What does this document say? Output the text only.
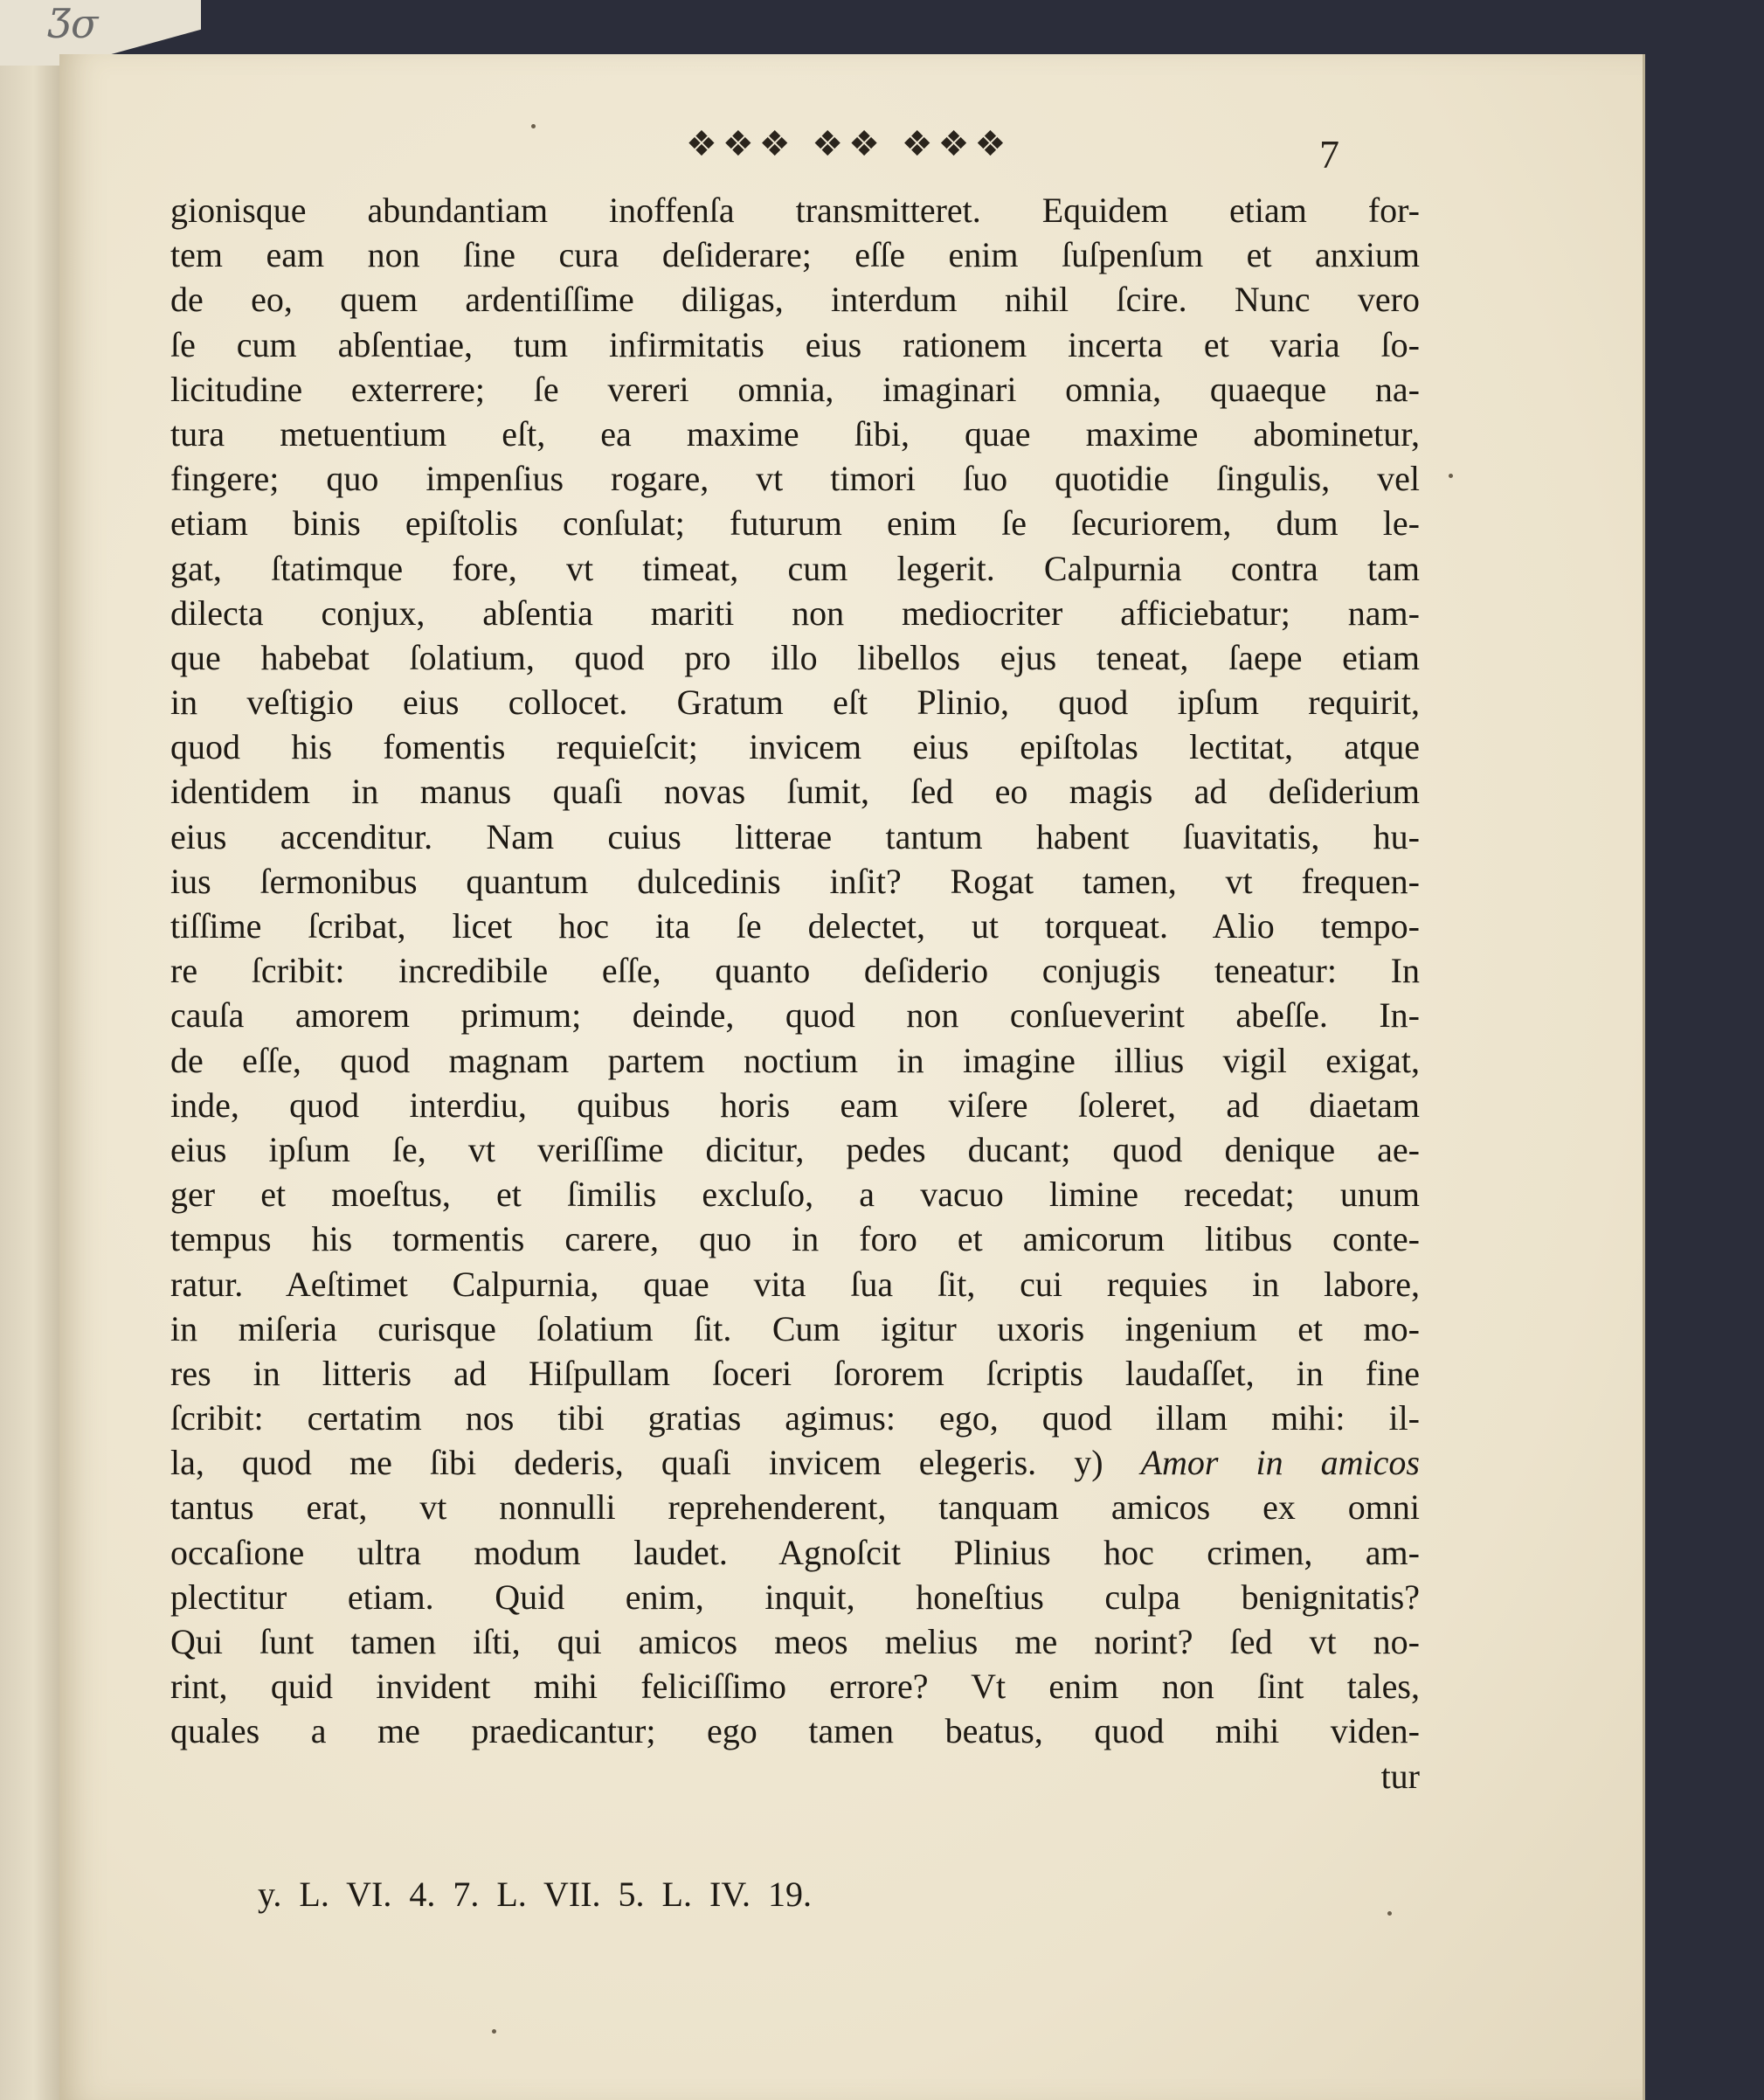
Ʒσ
❖❖❖ ❖❖ ❖❖❖	7
gionisque abundantiam inoffenſa transmitteret. Equidem etiam for-
tem eam non ſine cura deſiderare; eſſe enim ſuſpenſum et anxium
de eo, quem ardentiſſime diligas, interdum nihil ſcire. Nunc vero
ſe cum abſentiae, tum infirmitatis eius rationem incerta et varia ſo-
licitudine exterrere; ſe vereri omnia, imaginari omnia, quaeque na-
tura metuentium eſt, ea maxime ſibi, quae maxime abominetur,
fingere; quo impenſius rogare, vt timori ſuo quotidie ſingulis, vel
etiam binis epiſtolis conſulat; futurum enim ſe ſecuriorem, dum le-
gat, ſtatimque fore, vt timeat, cum legerit. Calpurnia contra tam
dilecta conjux, abſentia mariti non mediocriter afficiebatur; nam-
que habebat ſolatium, quod pro illo libellos ejus teneat, ſaepe etiam
in veſtigio eius collocet. Gratum eſt Plinio, quod ipſum requirit,
quod his fomentis requieſcit; invicem eius epiſtolas lectitat, atque
identidem in manus quaſi novas ſumit, ſed eo magis ad deſiderium
eius accenditur. Nam cuius litterae tantum habent ſuavitatis, hu-
ius ſermonibus quantum dulcedinis inſit? Rogat tamen, vt frequen-
tiſſime ſcribat, licet hoc ita ſe delectet, ut torqueat. Alio tempo-
re ſcribit: incredibile eſſe, quanto deſiderio conjugis teneatur: In
cauſa amorem primum; deinde, quod non conſueverint abeſſe. In-
de eſſe, quod magnam partem noctium in imagine illius vigil exigat,
inde, quod interdiu, quibus horis eam viſere ſoleret, ad diaetam
eius ipſum ſe, vt veriſſime dicitur, pedes ducant; quod denique ae-
ger et moeſtus, et ſimilis excluſo, a vacuo limine recedat; unum
tempus his tormentis carere, quo in foro et amicorum litibus conte-
ratur. Aeſtimet Calpurnia, quae vita ſua ſit, cui requies in labore,
in miſeria curisque ſolatium ſit. Cum igitur uxoris ingenium et mo-
res in litteris ad Hiſpullam ſoceri ſororem ſcriptis laudaſſet, in fine
ſcribit: certatim nos tibi gratias agimus: ego, quod illam mihi: il-
la, quod me ſibi dederis, quaſi invicem elegeris. y) Amor in amicos
tantus erat, vt nonnulli reprehenderent, tanquam amicos ex omni
occaſione ultra modum laudet. Agnoſcit Plinius hoc crimen, am-
plectitur etiam. Quid enim, inquit, honeſtius culpa benignitatis?
Qui ſunt tamen iſti, qui amicos meos melius me norint? ſed vt no-
rint, quid invident mihi feliciſſimo errore? Vt enim non ſint tales,
quales a me praedicantur; ego tamen beatus, quod mihi viden-
tur
y. L. VI. 4. 7. L. VII. 5. L. IV. 19.
